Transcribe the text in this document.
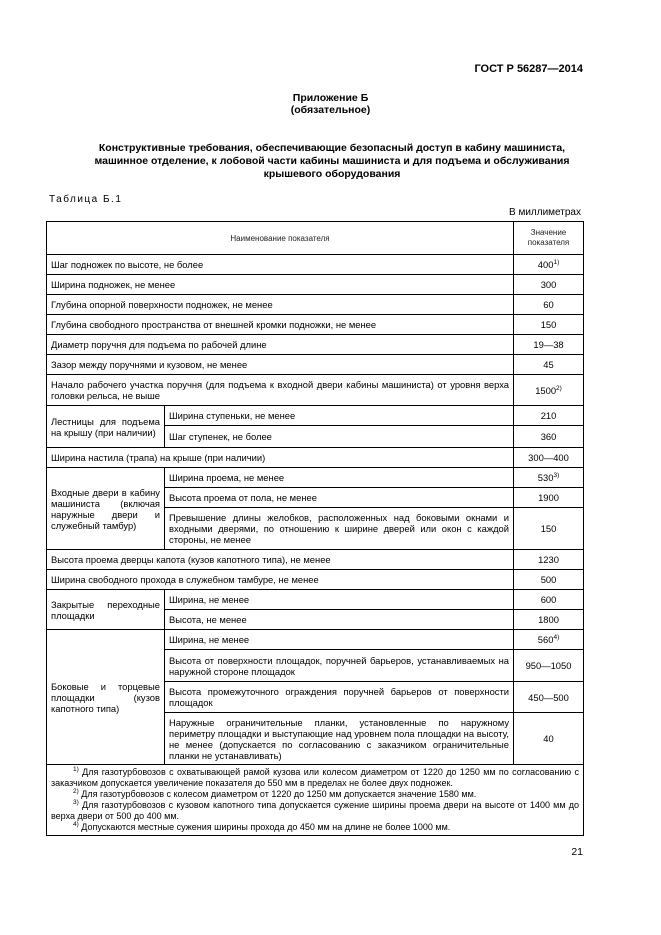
ГОСТ Р 56287—2014
Приложение Б
(обязательное)
Конструктивные требования, обеспечивающие безопасный доступ в кабину машиниста,
машинное отделение, к лобовой части кабины машиниста и для подъема и обслуживания
крышевого оборудования
Таблица Б.1
В миллиметрах
Наименование показателя		Значение показателя
Шаг подножек по высоте, не более		400$^{1)}$
Ширина подножек, не менее		300
Глубина опорной поверхности подножек, не менее		60
Глубина свободного пространства от внешней кромки подножки, не менее		150
Диаметр поручня для подъема по рабочей длине		19—38
Зазор между поручнями и кузовом, не менее		45
Начало рабочего участка поручня (для подъема к входной двери кабины машиниста) от уровня верха головки рельса, не выше		1500$^{2)}$
Лестницы для подъема на крышу (при наличии)	Ширина ступеньки, не менее	210
	Шаг ступенек, не более	360
Ширина настила (трапа) на крыше (при наличии)		300—400
Входные двери в кабину машиниста (включая наружные двери и служебный тамбур)	Ширина проема, не менее	530$^{3)}$
	Высота проема от пола, не менее	1900
	Превышение длины желобков, расположенных над боковыми окнами и входными дверями, по отношению к ширине дверей или окон с каждой стороны, не менее	150
Высота проема дверцы капота (кузов капотного типа), не менее		1230
Ширина свободного прохода в служебном тамбуре, не менее		500
Закрытые переходные площадки	Ширина, не менее	600
	Высота, не менее	1800
Боковые и торцевые площадки (кузов капотного типа)	Ширина, не менее	560$^{4)}$
	Высота от поверхности площадок, поручней барьеров, устанавливаемых на наружной стороне площадок	950—1050
	Высота промежуточного ограждения поручней барьеров от поверхности площадок	450—500
	Наружные ограничительные планки, установленные по наружному периметру площадки и выступающие над уровнем пола площадки на высоту, не менее (допускается по согласованию с заказчиком ограничительные планки не устанавливать)	40

$^{1)}$ Для газотурбовозов с охватывающей рамой кузова или колесом диаметром от 1220 до 1250 мм по согласованию с заказчиком допускается увеличение показателя до 550 мм в пределах не более двух подножек.

$^{2)}$ Для газотурбовозов с колесом диаметром от 1220 до 1250 мм допускается значение 1580 мм.

$^{3)}$ Для газотурбовозов с кузовом капотного типа допускается сужение ширины проема двери на высоте от 1400 мм до верха двери от 500 до 400 мм.

$^{4)}$ Допускаются местные сужения ширины прохода до 450 мм на длине не более 1000 мм.		

21
